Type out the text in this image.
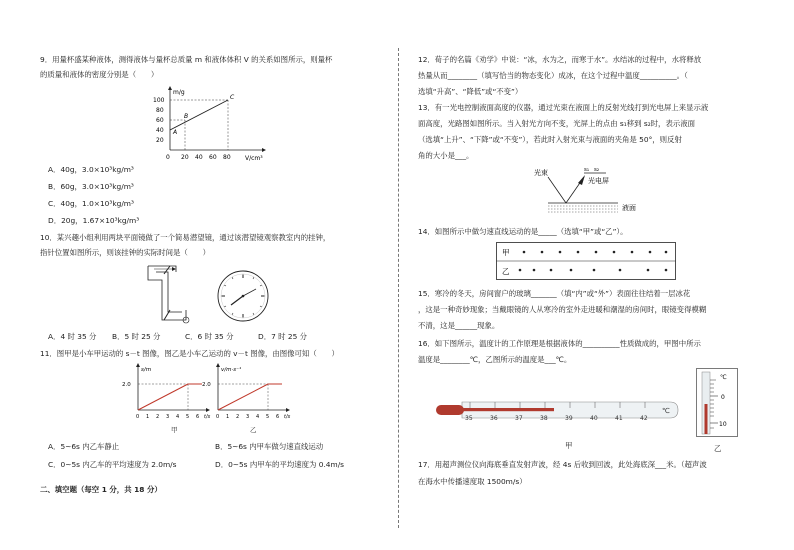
9．用量杯盛某种液体，测得液体与量杯总质量 m 和液体体积 V 的关系如图所示，则量杯
的质量和液体的密度分别是（　　）
m/g
V/cm³
100
80
60
40
20
0 20 40 60 80
A
B
C
A．40g，3.0×10³kg/m³
B．60g，3.0×10³kg/m³
C．40g，1.0×10³kg/m³
D．20g，1.67×10³kg/m³
10．某兴趣小组利用两块平面镜做了一个简易潜望镜，通过该潜望镜观察教室内的挂钟，
指针位置如图所示，则该挂钟的实际时间是（　　）
A．4 时 35 分 B．5 时 25 分	C．6 时 35 分	D．7 时 25 分
11．图甲是小车甲运动的 s－t 图像，图乙是小车乙运动的 v－t 图像，由图像可知（　　）
s/m
2.0
0 1 2 3 4 5 6 t/s
甲
v/m·s⁻¹
2.0
0 1 2 3 4 5 6 t/s
乙
A．5~6s 内乙车静止	B．5~6s 内甲车做匀速直线运动
C．0~5s 内乙车的平均速度为 2.0m/s	D．0~5s 内甲车的平均速度为 0.4m/s
二、填空题（每空 1 分，共 18 分）
12．荀子的名篇《劝学》中说：“冰，水为之，而寒于水”。水结冰的过程中，水将释放
热量从而________（填写恰当的物态变化）成冰，在这个过程中温度__________。（
选填“升高”、“降低”或“不变”）
13．有一光电控制液面高度的仪器，通过光束在液面上的反射光线打到光电屏上来显示液
面高度，光路图如图所示。当入射光方向不变，光屏上的点由 s₁移到 s₂时，表示液面
（选填“上升”、“下降”或“不变”），若此时入射光束与液面的夹角是 50°，则反射
角的大小是___。
光束	s₁ s₂
光电屏
液面
14．如图所示中做匀速直线运动的是_____（选填“甲”或“乙”）。
甲
乙
15．寒冷的冬天，房间窗户的玻璃_______（填“内”或“外”）表面往往结着一层冰花
，这是一种奇妙现象；当戴眼镜的人从寒冷的室外走进暖和潮湿的房间时，眼镜变得模糊
不清，这是______现象。
16．如下图所示，温度计的工作原理是根据液体的__________性质做成的，甲图中所示
温度是________℃，乙图所示的温度是___℃。
35	36	37	38	39	40	41	42
℃
甲
℃
0
10
乙
17．用超声测位仪向海底垂直发射声波，经 4s 后收到回波，此处海底深___米。（超声波
在海水中传播速度取 1500m/s）
